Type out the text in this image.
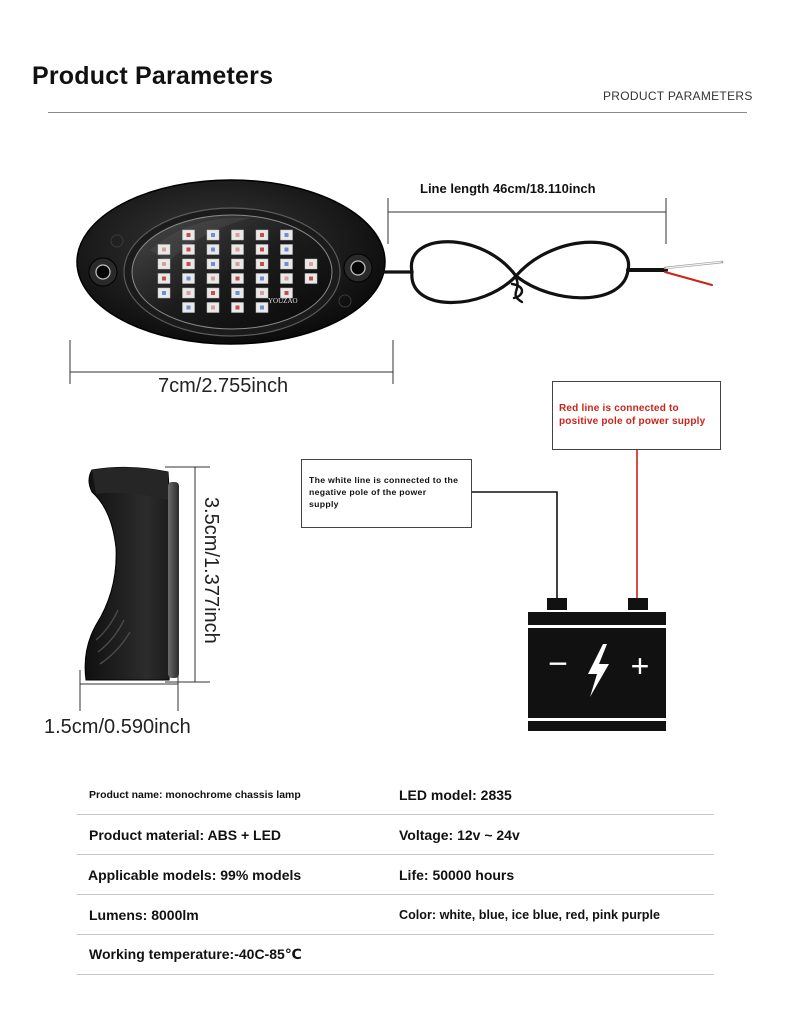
Product Parameters
PRODUCT PARAMETERS
YOUZAO
− +
Line length 46cm/18.110inch
7cm/2.755inch
3.5cm/1.377inch
1.5cm/0.590inch
Red line is connected to
positive pole of power supply
The white line is connected to the
negative pole of the power
supply
Product name: monochrome chassis lamp	LED model: 2835
Product material: ABS + LED	Voltage: 12v ~ 24v
Applicable models: 99% models	Life: 50000 hours
Lumens: 8000lm	Color: white, blue, ice blue, red, pink purple
Working temperature:-40C-85℃
